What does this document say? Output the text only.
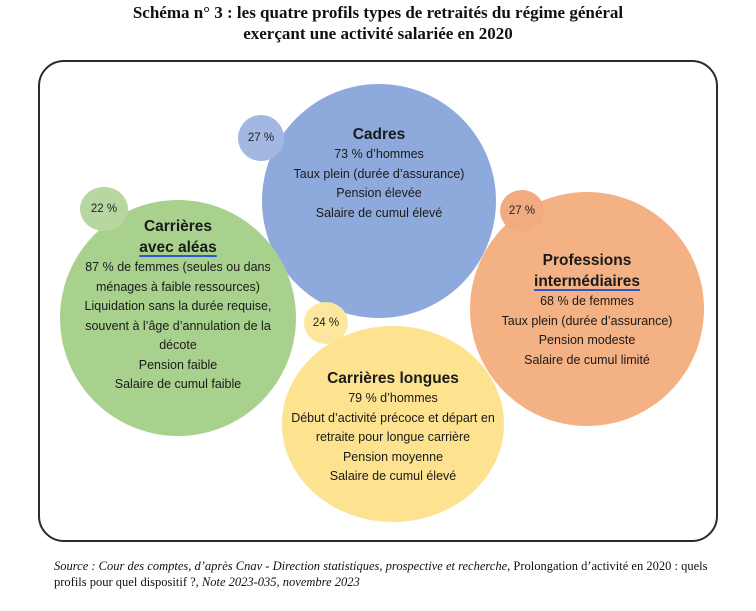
Schéma n° 3 : les quatre profils types de retraités du régime général
exerçant une activité salariée en 2020
Cadres
73 % d’hommes
Taux plein (durée d’assurance)
Pension élevée
Salaire de cumul élevé
27 %
Professions
intermédiaires
68 % de femmes
Taux plein (durée d’assurance)
Pension modeste
Salaire de cumul limité
27 %
Carrières longues
79 % d’hommes
Début d’activité précoce et départ en
retraite pour longue carrière
Pension moyenne
Salaire de cumul élevé
24 %
Carrières
avec aléas
87 % de femmes (seules ou dans
ménages à faible ressources)
Liquidation sans la durée requise,
souvent à l’âge d’annulation de la
décote
Pension faible
Salaire de cumul faible
22 %
Source : Cour des comptes, d’après Cnav - Direction statistiques, prospective et recherche, Prolongation d’activité en 2020 : quels profils pour quel dispositif ?, Note 2023-035, novembre 2023
